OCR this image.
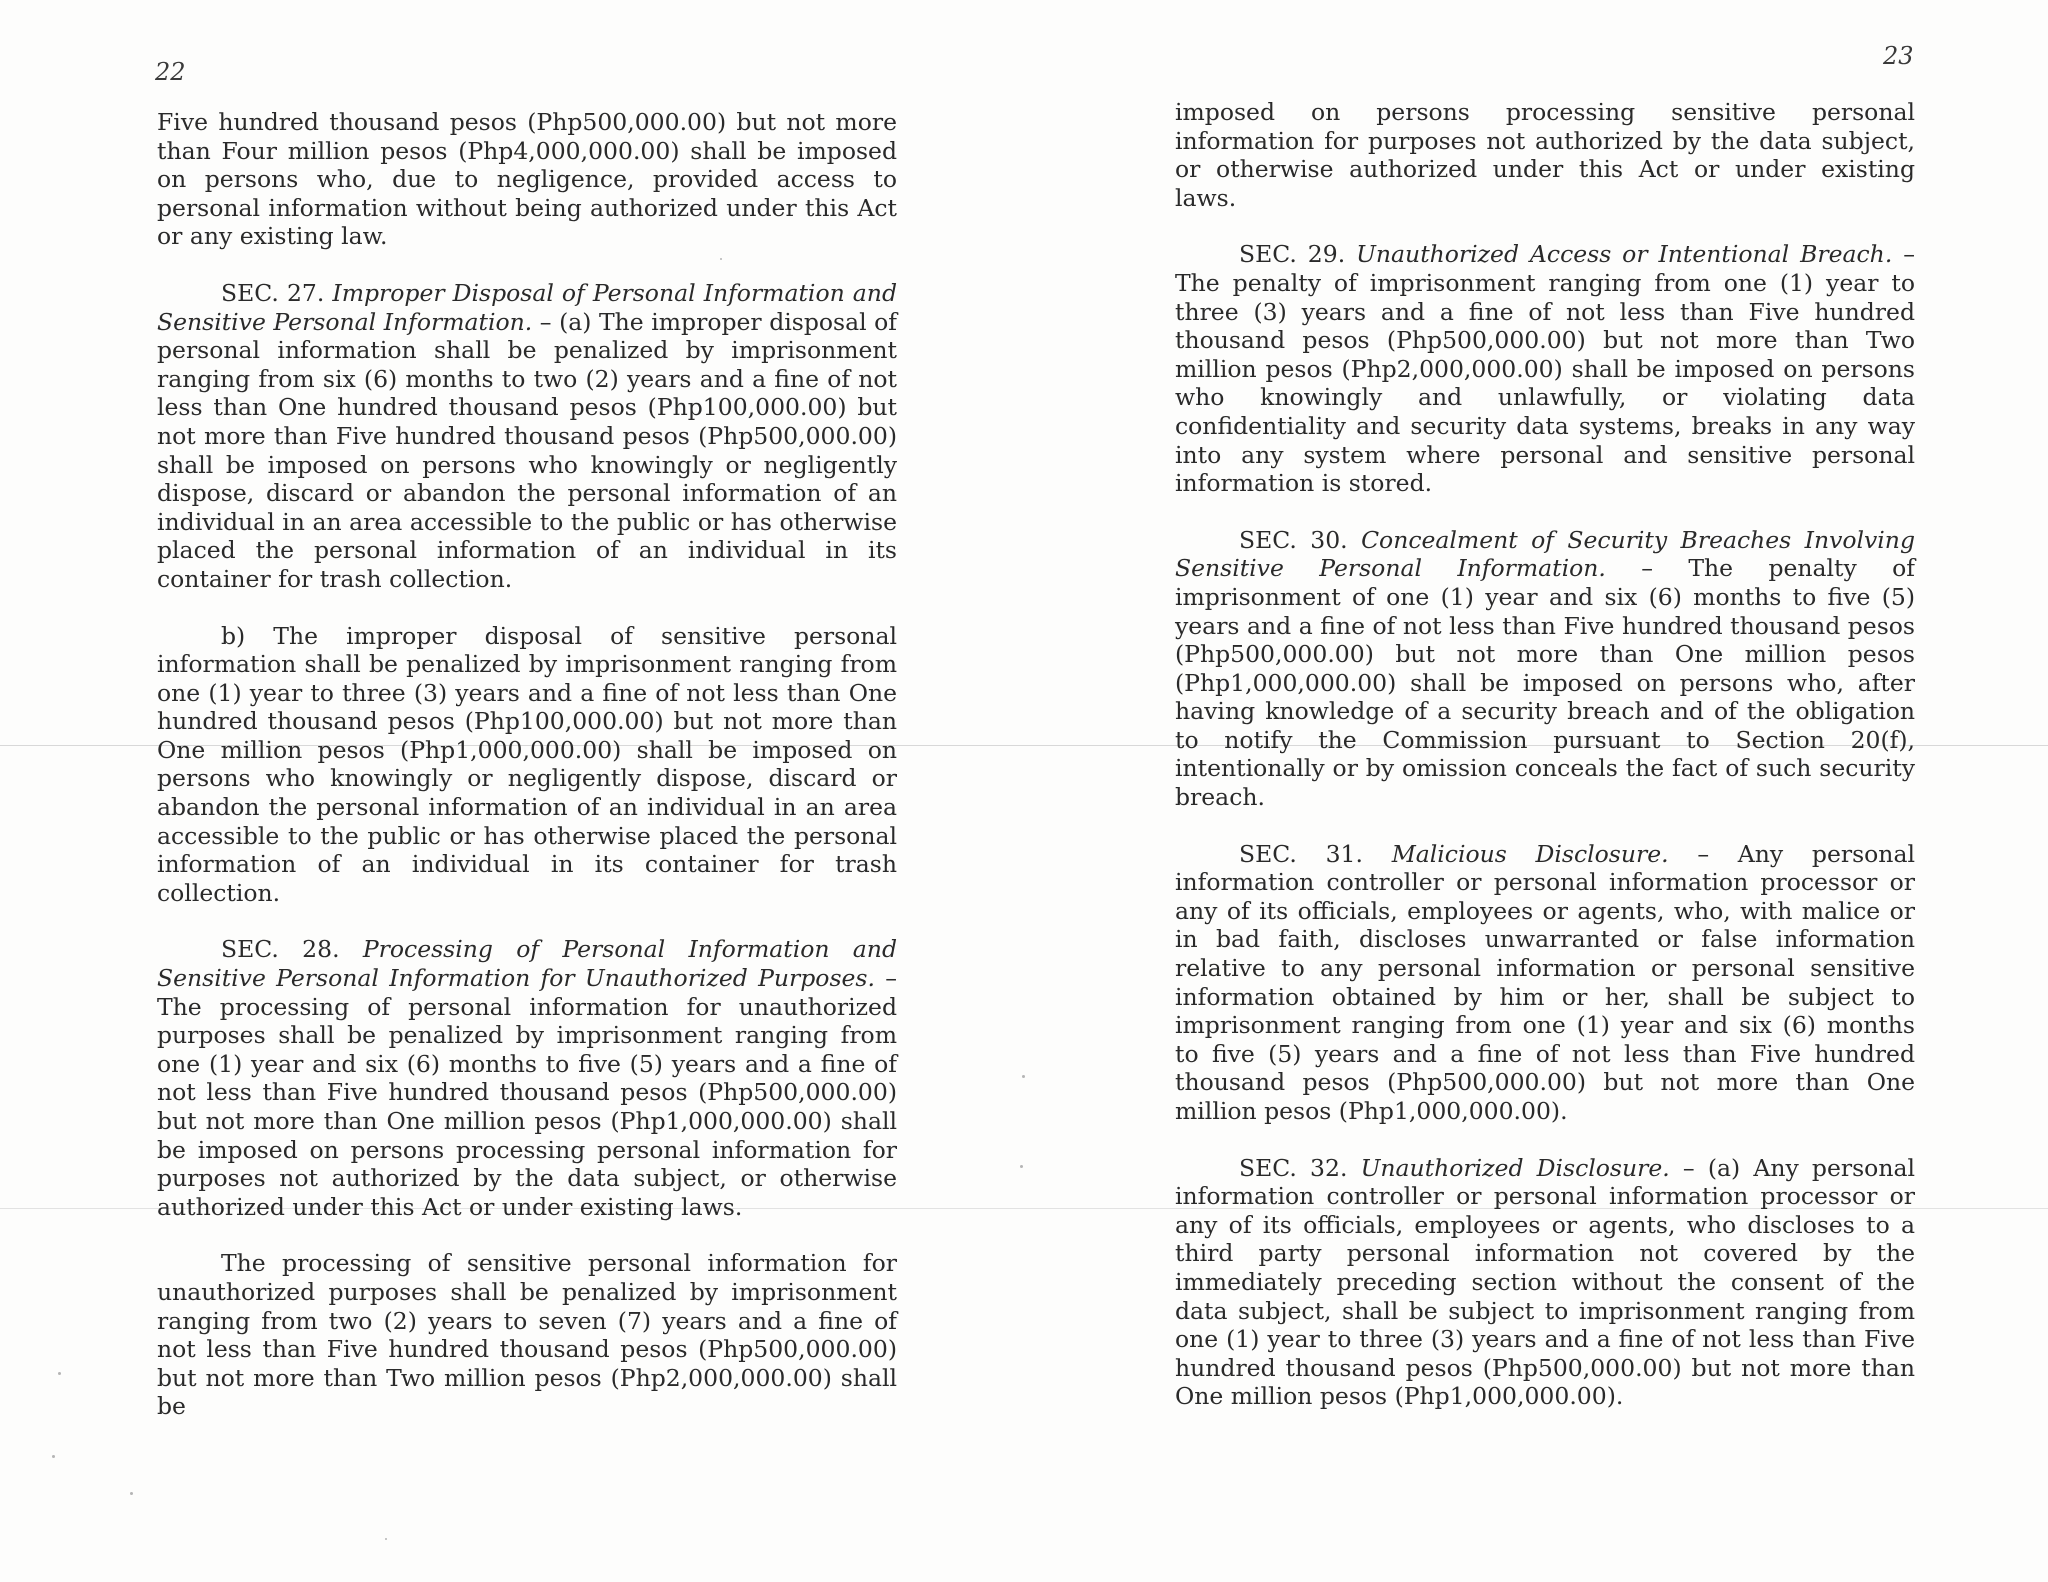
22
23

Five hundred thousand pesos (Php500,000.00) but not more than Four million pesos (Php4,000,000.00) shall be imposed on persons who, due to negligence, provided access to personal information without being authorized under this Act or any existing law.

SEC. 27. Improper Disposal of Personal Information and Sensitive Personal Information. – (a) The improper disposal of personal information shall be penalized by imprisonment ranging from six (6) months to two (2) years and a fine of not less than One hundred thousand pesos (Php100,000.00) but not more than Five hundred thousand pesos (Php500,000.00) shall be imposed on persons who knowingly or negligently dispose, discard or abandon the personal information of an individual in an area accessible to the public or has otherwise placed the personal information of an individual in its container for trash collection.

b) The improper disposal of sensitive personal information shall be penalized by imprisonment ranging from one (1) year to three (3) years and a fine of not less than One hundred thousand pesos (Php100,000.00) but not more than One million pesos (Php1,000,000.00) shall be imposed on persons who knowingly or negligently dispose, discard or abandon the personal information of an individual in an area accessible to the public or has otherwise placed the personal information of an individual in its container for trash collection.

SEC. 28. Processing of Personal Information and Sensitive Personal Information for Unauthorized Purposes. – The processing of personal information for unauthorized purposes shall be penalized by imprisonment ranging from one (1) year and six (6) months to five (5) years and a fine of not less than Five hundred thousand pesos (Php500,000.00) but not more than One million pesos (Php1,000,000.00) shall be imposed on persons processing personal information for purposes not authorized by the data subject, or otherwise authorized under this Act or under existing laws.

The processing of sensitive personal information for unauthorized purposes shall be penalized by imprisonment ranging from two (2) years to seven (7) years and a fine of not less than Five hundred thousand pesos (Php500,000.00) but not more than Two million pesos (Php2,000,000.00) shall be

imposed on persons processing sensitive personal information for purposes not authorized by the data subject, or otherwise authorized under this Act or under existing laws.

SEC. 29. Unauthorized Access or Intentional Breach. – The penalty of imprisonment ranging from one (1) year to three (3) years and a fine of not less than Five hundred thousand pesos (Php500,000.00) but not more than Two million pesos (Php2,000,000.00) shall be imposed on persons who knowingly and unlawfully, or violating data confidentiality and security data systems, breaks in any way into any system where personal and sensitive personal information is stored.

SEC. 30. Concealment of Security Breaches Involving Sensitive Personal Information. – The penalty of imprisonment of one (1) year and six (6) months to five (5) years and a fine of not less than Five hundred thousand pesos (Php500,000.00) but not more than One million pesos (Php1,000,000.00) shall be imposed on persons who, after having knowledge of a security breach and of the obligation to notify the Commission pursuant to Section 20(f), intentionally or by omission conceals the fact of such security breach.

SEC. 31. Malicious Disclosure. – Any personal information controller or personal information processor or any of its officials, employees or agents, who, with malice or in bad faith, discloses unwarranted or false information relative to any personal information or personal sensitive information obtained by him or her, shall be subject to imprisonment ranging from one (1) year and six (6) months to five (5) years and a fine of not less than Five hundred thousand pesos (Php500,000.00) but not more than One million pesos (Php1,000,000.00).

SEC. 32. Unauthorized Disclosure. – (a) Any personal information controller or personal information processor or any of its officials, employees or agents, who discloses to a third party personal information not covered by the immediately preceding section without the consent of the data subject, shall be subject to imprisonment ranging from one (1) year to three (3) years and a fine of not less than Five hundred thousand pesos (Php500,000.00) but not more than One million pesos (Php1,000,000.00).
